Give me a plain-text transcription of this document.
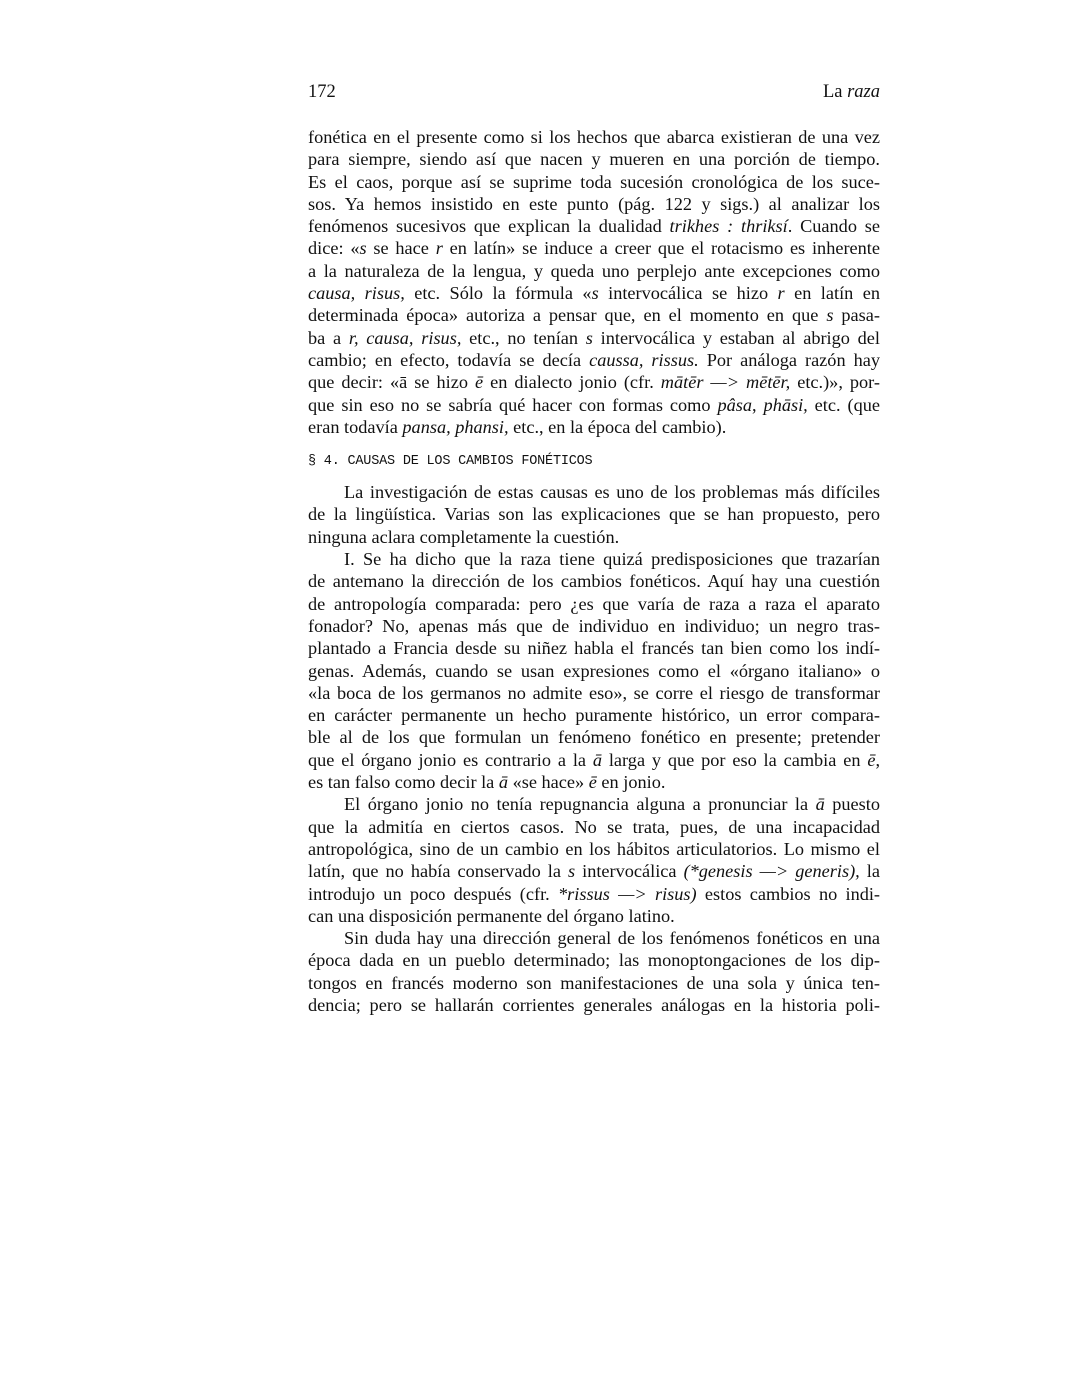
172	La raza
fonética en el presente como si los hechos que abarca existieran de una vez
para siempre, siendo así que nacen y mueren en una porción de tiempo.
Es el caos, porque así se suprime toda sucesión cronológica de los suce-
sos. Ya hemos insistido en este punto (pág. 122 y sigs.) al analizar los
fenómenos sucesivos que explican la dualidad trikhes : thriksí. Cuando se
dice: «s se hace r en latín» se induce a creer que el rotacismo es inherente
a la naturaleza de la lengua, y queda uno perplejo ante excepciones como
causa, risus, etc. Sólo la fórmula «s intervocálica se hizo r en latín en
determinada época» autoriza a pensar que, en el momento en que s pasa-
ba a r, causa, risus, etc., no tenían s intervocálica y estaban al abrigo del
cambio; en efecto, todavía se decía caussa, rissus. Por análoga razón hay
que decir: «ā se hizo ē en dialecto jonio (cfr. mātēr —> mētēr, etc.)», por-
que sin eso no se sabría qué hacer con formas como pâsa, phāsi, etc. (que
eran todavía pansa, phansi, etc., en la época del cambio).
§ 4. CAUSAS DE LOS CAMBIOS FONÉTICOS
La investigación de estas causas es uno de los problemas más difíciles
de la lingüística. Varias son las explicaciones que se han propuesto, pero
ninguna aclara completamente la cuestión.
I. Se ha dicho que la raza tiene quizá predisposiciones que trazarían
de antemano la dirección de los cambios fonéticos. Aquí hay una cuestión
de antropología comparada: pero ¿es que varía de raza a raza el aparato
fonador? No, apenas más que de individuo en individuo; un negro tras-
plantado a Francia desde su niñez habla el francés tan bien como los indí-
genas. Además, cuando se usan expresiones como el «órgano italiano» o
«la boca de los germanos no admite eso», se corre el riesgo de transformar
en carácter permanente un hecho puramente histórico, un error compara-
ble al de los que formulan un fenómeno fonético en presente; pretender
que el órgano jonio es contrario a la ā larga y que por eso la cambia en ē,
es tan falso como decir la ā «se hace» ē en jonio.
El órgano jonio no tenía repugnancia alguna a pronunciar la ā puesto
que la admitía en ciertos casos. No se trata, pues, de una incapacidad
antropológica, sino de un cambio en los hábitos articulatorios. Lo mismo el
latín, que no había conservado la s intervocálica (*genesis —> generis), la
introdujo un poco después (cfr. *rissus —> risus) estos cambios no indi-
can una disposición permanente del órgano latino.
Sin duda hay una dirección general de los fenómenos fonéticos en una
época dada en un pueblo determinado; las monoptongaciones de los dip-
tongos en francés moderno son manifestaciones de una sola y única ten-
dencia; pero se hallarán corrientes generales análogas en la historia poli-
